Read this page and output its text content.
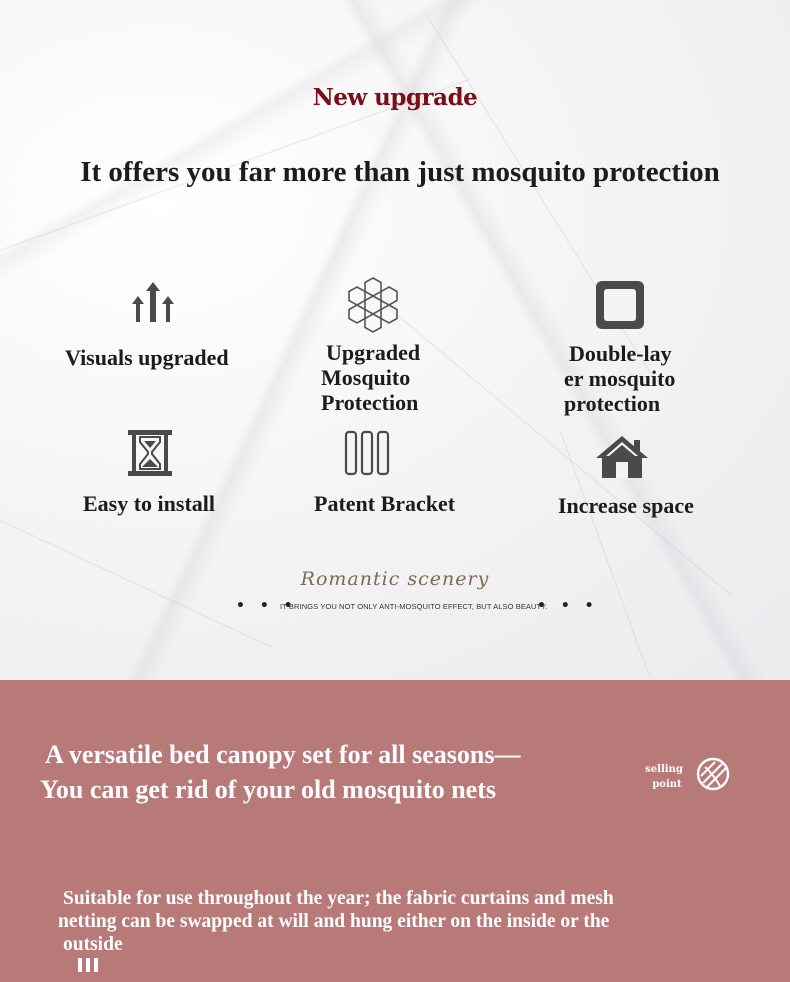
New upgrade
It offers you far more than just mosquito protection
Visuals upgraded	Upgraded
Mosquito
Protection
Double-lay
er mosquito
protection
Easy to install	Patent Bracket	Increase space
Romantic scenery
• • •
IT BRINGS YOU NOT ONLY ANTI-MOSQUITO EFFECT, BUT ALSO BEAUTY.
• • •
A versatile bed canopy set for all seasons—
You can get rid of your old mosquito nets
selling
point
Suitable for use throughout the year; the fabric curtains and mesh
netting can be swapped at will and hung either on the inside or the
outside
